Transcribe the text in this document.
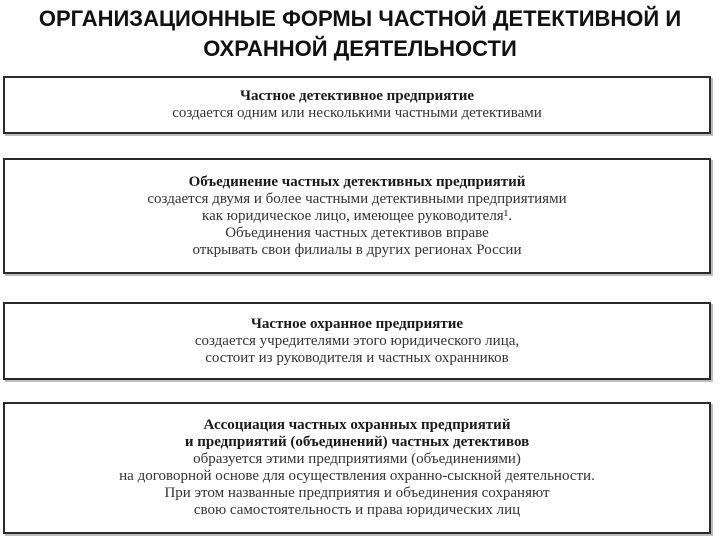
ОРГАНИЗАЦИОННЫЕ ФОРМЫ ЧАСТНОЙ ДЕТЕКТИВНОЙ И
ОХРАННОЙ ДЕЯТЕЛЬНОСТИ
Частное детективное предприятие
создается одним или несколькими частными детективами
Объединение частных детективных предприятий
создается двумя и более частными детективными предприятиями
как юридическое лицо, имеющее руководителя¹.
Объединения частных детективов вправе
открывать свои филиалы в других регионах России
Частное охранное предприятие
создается учредителями этого юридического лица,
состоит из руководителя и частных охранников
Ассоциация частных охранных предприятий
и предприятий (объединений) частных детективов
образуется этими предприятиями (объединениями)
на договорной основе для осуществления охранно-сыскной деятельности.
При этом названные предприятия и объединения сохраняют
свою самостоятельность и права юридических лиц
